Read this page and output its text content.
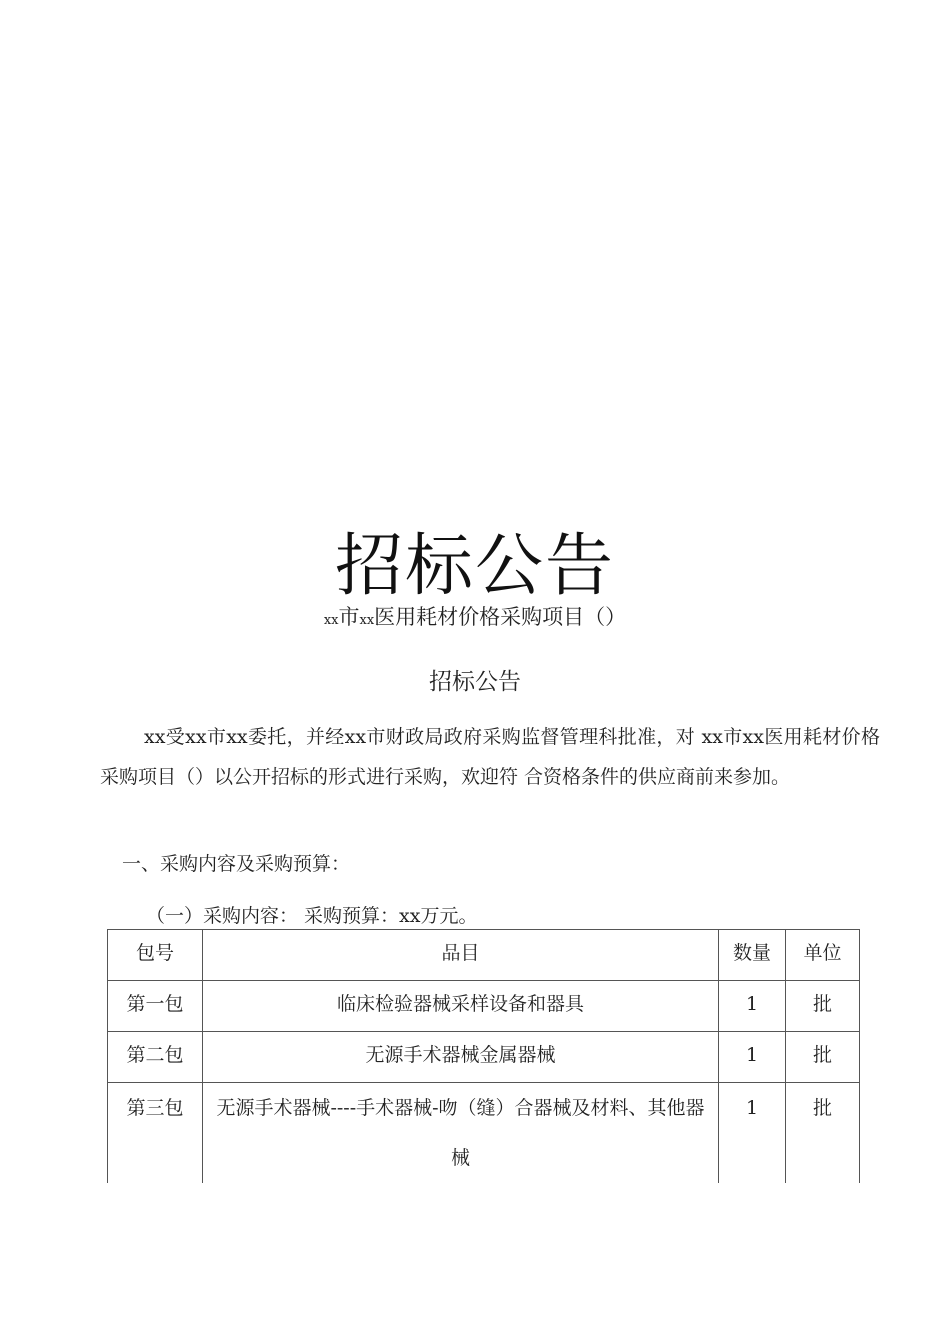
招标公告
xx市xx医用耗材价格采购项目（）
招标公告

xx受xx市xx委托，并经xx市财政局政府采购监督管理科批准，对 xx市xx医用耗材价格采购项目（）以公开招标的形式进行采购，欢迎符 合资格条件的供应商前来参加。

一、采购内容及采购预算：
（一）采购内容： 采购预算：xx万元。
包号	品目	数量	单位
第一包	临床检验器械采样设备和器具	1	批
第二包	无源手术器械金属器械	1	批
第三包	无源手术器械----手术器械-吻（缝）合器械及材料、其他器械	1	批
